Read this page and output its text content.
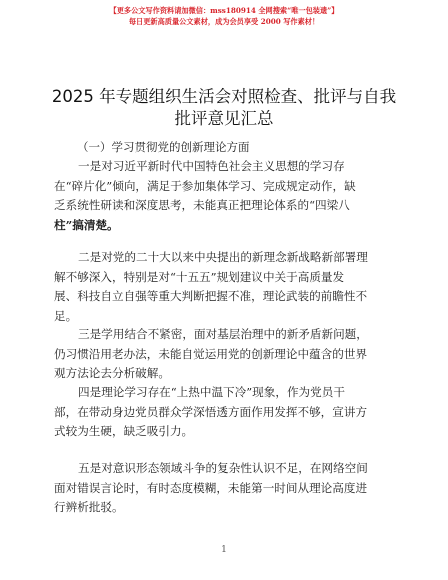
【更多公文写作资料请加微信：mss180914 全网搜索“唯一包装遗”】
每日更新高质量公文素材，成为会员享受 2000 写作素材！
2025 年专题组织生活会对照检查、批评与自我
批评意见汇总
（一）学习贯彻党的创新理论方面
一是对习近平新时代中国特色社会主义思想的学习存
在“碎片化”倾向，满足于参加集体学习、完成规定动作，缺
乏系统性研读和深度思考，未能真正把理论体系的“四梁八
柱”搞清楚。
二是对党的二十大以来中央提出的新理念新战略新部署理
解不够深入，特别是对“十五五”规划建议中关于高质量发
展、科技自立自强等重大判断把握不准，理论武装的前瞻性不
足。
三是学用结合不紧密，面对基层治理中的新矛盾新问题，
仍习惯沿用老办法，未能自觉运用党的创新理论中蕴含的世界
观方法论去分析破解。
四是理论学习存在“上热中温下冷”现象，作为党员干
部，在带动身边党员群众学深悟透方面作用发挥不够，宣讲方
式较为生硬，缺乏吸引力。
五是对意识形态领域斗争的复杂性认识不足，在网络空间
面对错误言论时，有时态度模糊，未能第一时间从理论高度进
行辨析批驳。
1
